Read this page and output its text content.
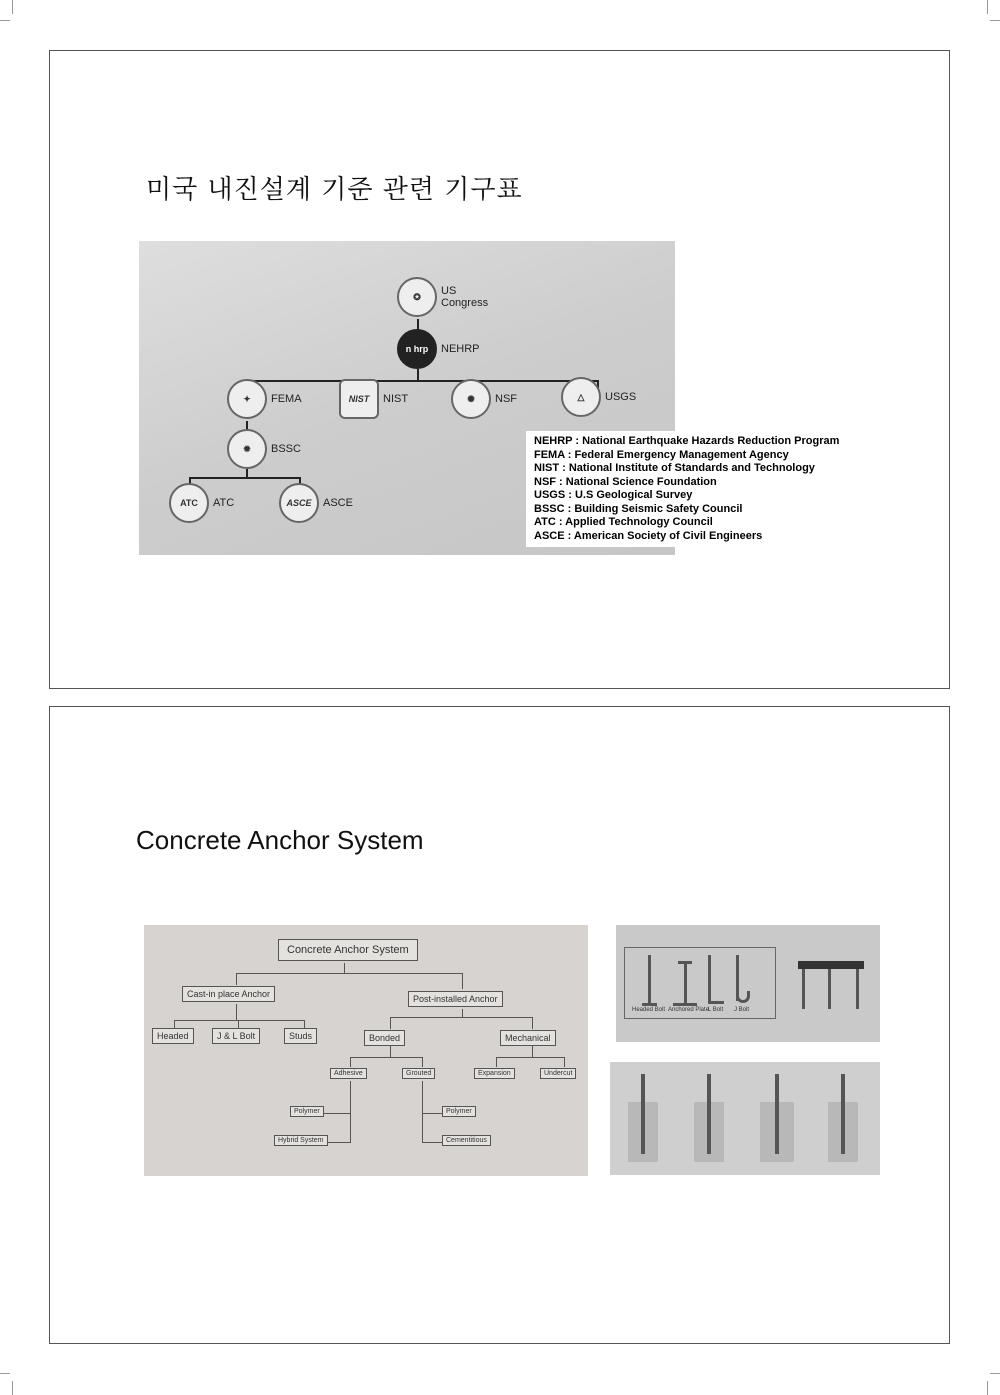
미국 내진설계 기준 관련 기구표
✪	US
Congress
n hrp	NEHRP
✦	FEMA	NIST	NIST	✺	NSF	△	USGS
✹	BSSC
ATC	ATC	ASCE	ASCE
NEHRP : National Earthquake Hazards Reduction Program
FEMA : Federal Emergency Management Agency
NIST : National Institute of Standards and Technology
NSF : National Science Foundation
USGS : U.S Geological Survey
BSSC : Building Seismic Safety Council
ATC : Applied Technology Council
ASCE : American Society of Civil Engineers
Concrete Anchor System
Concrete Anchor System
Cast-in place Anchor	Post-installed Anchor
Headed	J & L Bolt	Studs	Bonded	Mechanical
Adhesive	Grouted	Expansion	Undercut
Polymer
Hybrid System
Polymer
Cementitious
Headed Bolt Anchored Plate
L Bolt J Bolt
